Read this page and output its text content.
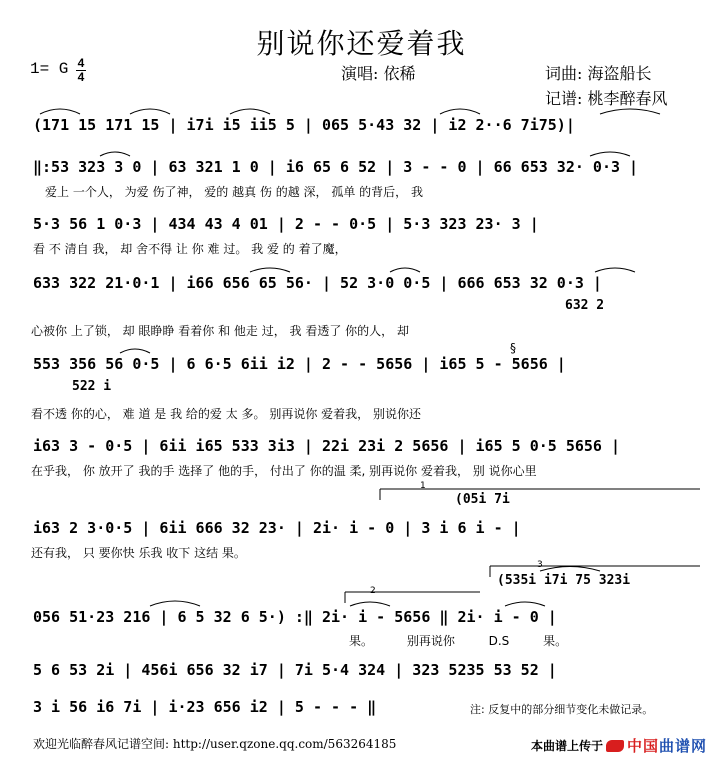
别说你还爱着我
1= G 4
4	演唱: 依稀	词曲: 海盗船长
记谱: 桃李醉春风
(171 15 171 15 | i7i i5 ii5 5 | 065 5·43 32 | i2 2··6 7i75)|
‖:53 323 3 0 | 63 321 1 0 | i6 65 6 52 | 3 - - 0 | 66 653 32· 0·3 |
爱上 一个人， 为爱 伤了神， 爱的 越真 伤 的越 深， 孤单 的背后， 我
5·3 56 1 0·3 | 434 43 4 01 | 2 - - 0·5 | 5·3 323 23· 3 |
看 不 清自 我， 却 舍不得 让 你 难 过。 我 爱 的 着了魔，
633 322 21·0·1 | i66 656 65 56· | 52 3·0 0·5 | 666 653 32 0·3 |
632 2
心被你 上了锁， 却 眼睁睁 看着你 和 他走 过， 我 看透了 你的人， 却
553 356 56 0·5 | 6 6·5 6ii i2 | 2 - - 5656 | i65 5 - 5656 |
522 i
§
看不透 你的心， 难 道 是 我 给的爱 太 多。 别再说你 爱着我， 别说你还
i63 3 - 0·5 | 6ii i65 533 3i3 | 22i 23i 2 5656 | i65 5 0·5 5656 |
在乎我， 你 放开了 我的手 选择了 他的手， 付出了 你的温 柔, 别再说你 爱着我， 别 说你心里
1
(05i 7i
i63 2 3·0·5 | 6ii 666 32 23· | 2i· i - 0 | 3 i 6 i - |
还有我， 只 要你快 乐我 收下 这结 果。
3
(535i i7i 75 323i
2
056 51·23 216 | 6 5 32 6 5·) :‖ 2i· i - 5656 ‖ 2i· i - 0 |
果。 别再说你 D.S 果。
5 6 53 2i | 456i 656 32 i7 | 7i 5·4 324 | 323 5235 53 52 |
3 i 56 i6 7i | i·23 656 i2 | 5 - - - ‖	注: 反复中的部分细节变化未做记录。
欢迎光临醉春风记谱空间: http://user.qzone.qq.com/563264185	本曲谱上传于 中国曲谱网
